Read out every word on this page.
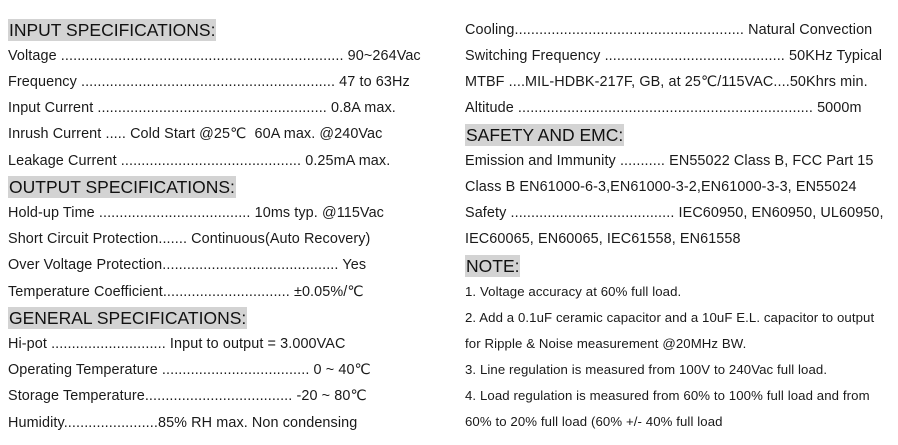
INPUT SPECIFICATIONS:
Voltage ..................................................................... 90~264Vac
Frequency .............................................................. 47 to 63Hz
Input Current ........................................................ 0.8A max.
Inrush Current ..... Cold Start @25℃  60A max. @240Vac
Leakage Current ............................................ 0.25mA max.
OUTPUT SPECIFICATIONS:
Hold-up Time ..................................... 10ms typ. @115Vac
Short Circuit Protection....... Continuous(Auto Recovery)
Over Voltage Protection........................................... Yes
Temperature Coefficient............................... ±0.05%/℃
GENERAL SPECIFICATIONS:
Hi-pot ............................ Input to output = 3.000VAC
Operating Temperature .................................... 0 ~ 40℃
Storage Temperature.................................... -20 ~ 80℃
Humidity.......................85% RH max. Non condensing
Cooling........................................................ Natural Convection
Switching Frequency ............................................ 50KHz Typical
MTBF ....MIL-HDBK-217F, GB, at 25℃/115VAC....50Khrs min.
Altitude ........................................................................ 5000m
SAFETY AND EMC:
Emission and Immunity ........... EN55022 Class B, FCC Part 15
Class B EN61000-6-3,EN61000-3-2,EN61000-3-3, EN55024
Safety ........................................ IEC60950, EN60950, UL60950,
IEC60065, EN60065, IEC61558, EN61558
NOTE:
1. Voltage accuracy at 60% full load.
2. Add a 0.1uF ceramic capacitor and a 10uF E.L. capacitor to output
for Ripple & Noise measurement @20MHz BW.
3. Line regulation is measured from 100V to 240Vac full load.
4. Load regulation is measured from 60% to 100% full load and from
60% to 20% full load (60% +/- 40% full load
